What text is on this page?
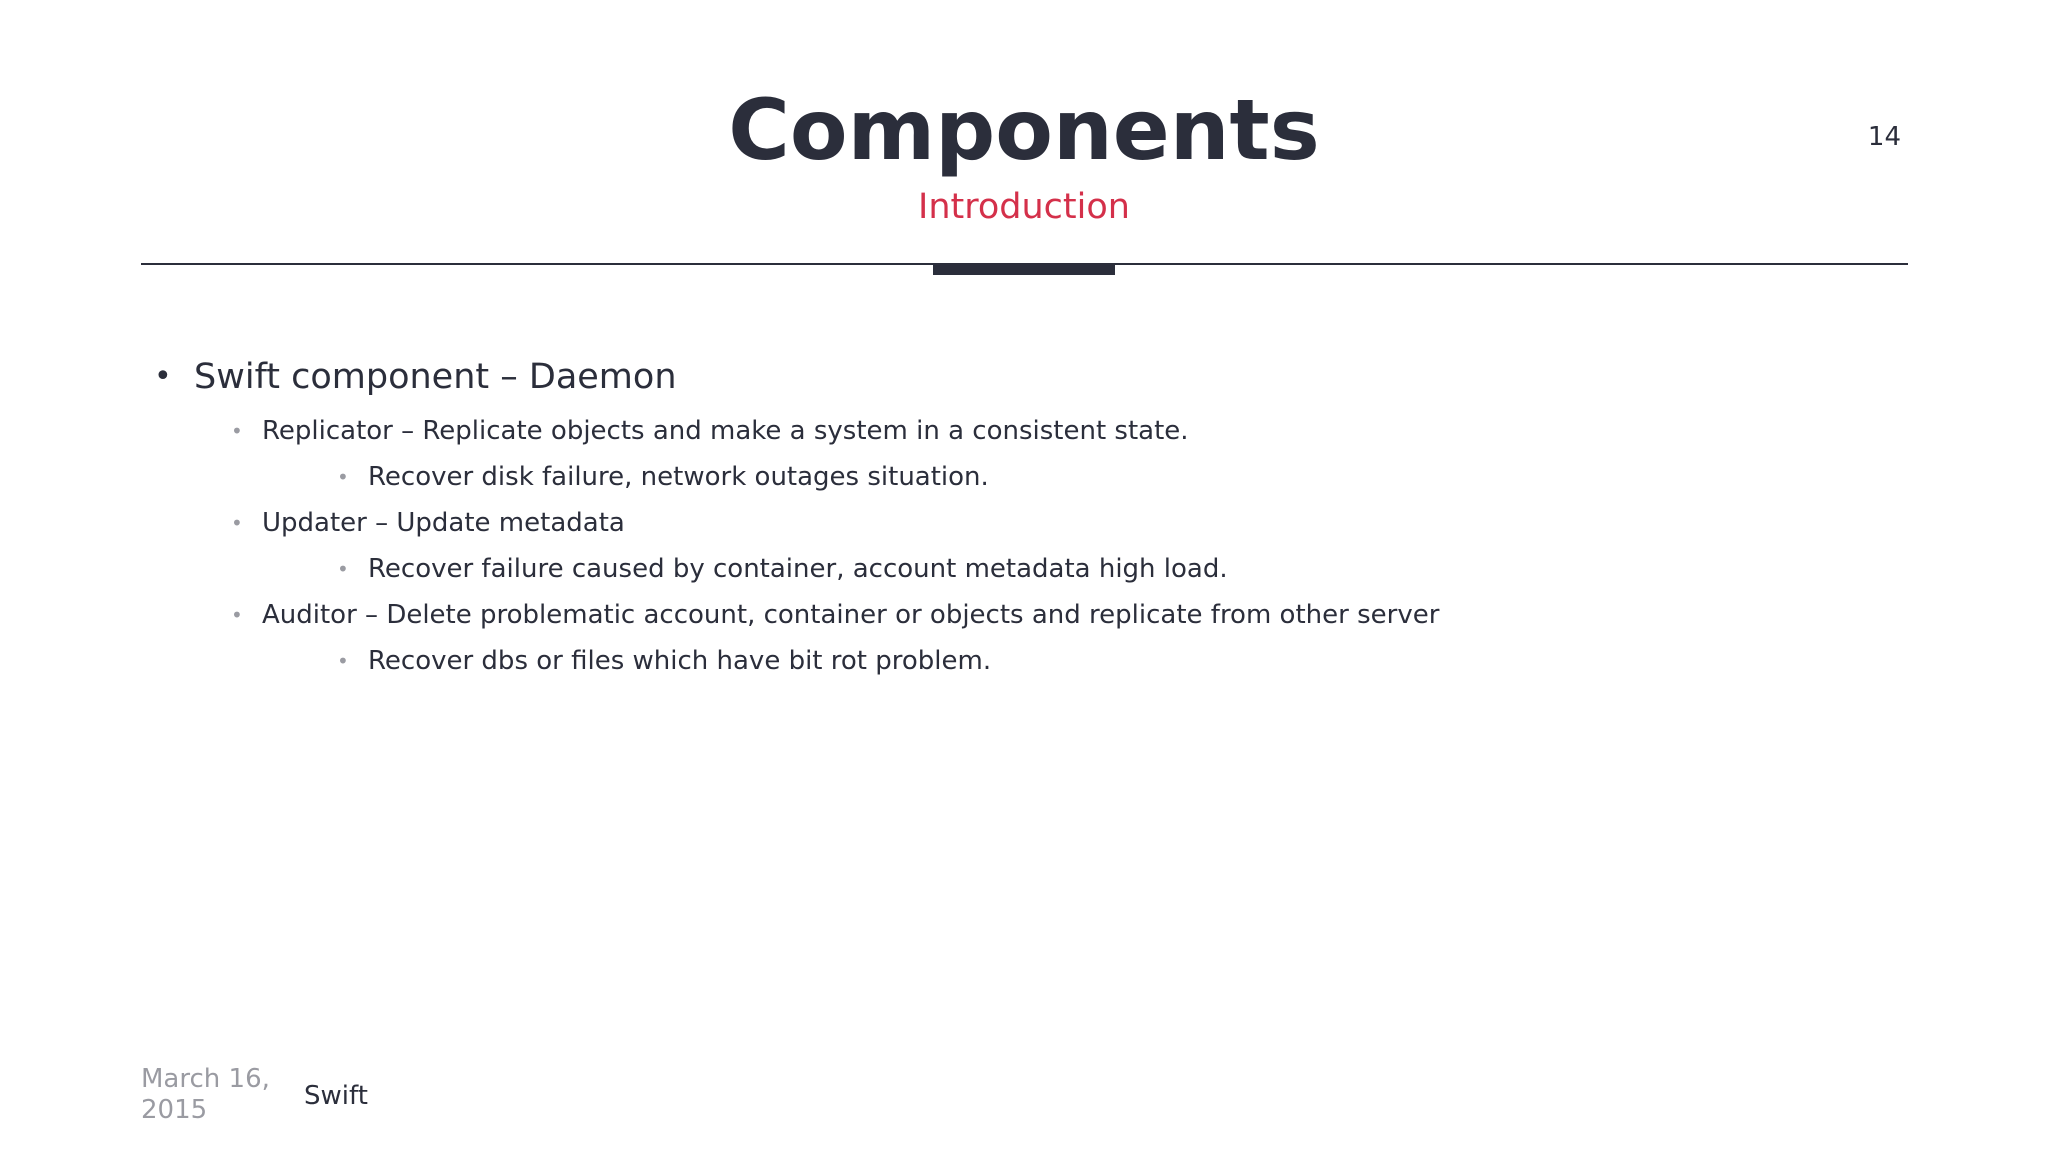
Components
Introduction
14
• Swift component – Daemon
• Replicator – Replicate objects and make a system in a consistent state.
• Recover disk failure, network outages situation.
• Updater – Update metadata
• Recover failure caused by container, account metadata high load.
• Auditor – Delete problematic account, container or objects and replicate from other server
• Recover dbs or files which have bit rot problem.
March 16,
2015	Swift
